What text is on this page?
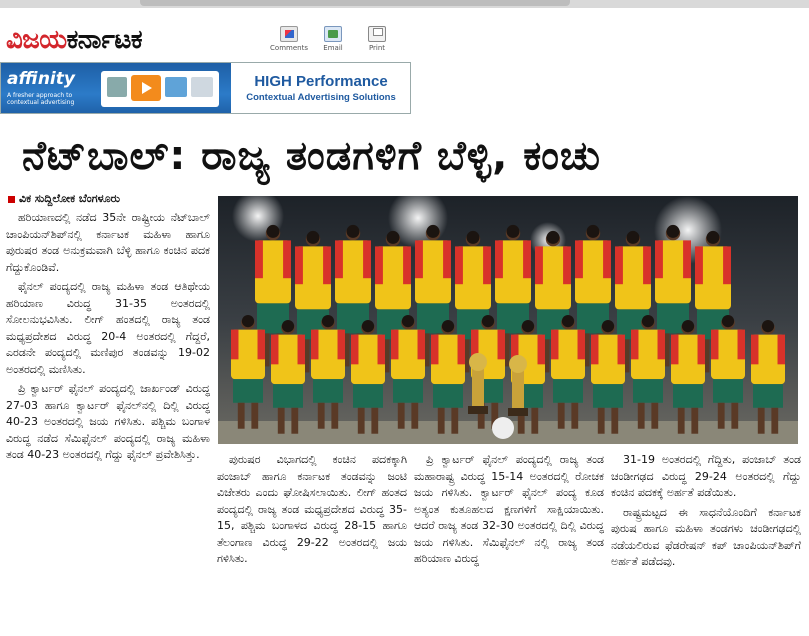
ವಿಜಯ ಕರ್ನಾಟಕ	Comments Email	Print
affinity
A fresher approach to contextual advertising
HIGH Performance
Contextual Advertising Solutions
ನೆಟ್‌ಬಾಲ್: ರಾಜ್ಯ ತಂಡಗಳಿಗೆ ಬೆಳ್ಳಿ, ಕಂಚು
ವಿಕ ಸುದ್ದಿಲೋಕ ಬೆಂಗಳೂರು

ಹರಿಯಾಣದಲ್ಲಿ ನಡೆದ 35ನೇ ರಾಷ್ಟ್ರೀಯ ನೆಟ್‌ಬಾಲ್ ಚಾಂಪಿಯನ್‌ಶಿಪ್‌ನಲ್ಲಿ ಕರ್ನಾಟಕ ಮಹಿಳಾ ಹಾಗೂ ಪುರುಷರ ತಂಡ ಅನುಕ್ರಮವಾಗಿ ಬೆಳ್ಳಿ ಹಾಗೂ ಕಂಚಿನ ಪದಕ ಗೆದ್ದುಕೊಂಡಿವೆ.

ಫೈನಲ್ ಪಂದ್ಯದಲ್ಲಿ ರಾಜ್ಯ ಮಹಿಳಾ ತಂಡ ಆತಿಥೇಯ ಹರಿಯಾಣ ವಿರುದ್ಧ 31-35 ಅಂತರದಲ್ಲಿ ಸೋಲನುಭವಿಸಿತು. ಲೀಗ್ ಹಂತದಲ್ಲಿ ರಾಜ್ಯ ತಂಡ ಮಧ್ಯಪ್ರದೇಶದ ವಿರುದ್ಧ 20-4 ಅಂತರದಲ್ಲಿ ಗೆದ್ದರೆ, ಎರಡನೇ ಪಂದ್ಯದಲ್ಲಿ ಮಣಿಪುರ ತಂಡವನ್ನು 19-02 ಅಂತರದಲ್ಲಿ ಮಣಿಸಿತು.

ಪ್ರಿ ಕ್ವಾರ್ಟರ್ ಫೈನಲ್ ಪಂದ್ಯದಲ್ಲಿ ಜಾರ್ಖಂಡ್ ವಿರುದ್ಧ 27-03 ಹಾಗೂ ಕ್ವಾರ್ಟರ್ ಫೈನಲ್‌ನಲ್ಲಿ ದಿಲ್ಲಿ ವಿರುದ್ಧ 40-23 ಅಂತರದಲ್ಲಿ ಜಯ ಗಳಿಸಿತು. ಪಶ್ಚಿಮ ಬಂಗಾಳ ವಿರುದ್ಧ ನಡೆದ ಸೆಮಿಫೈನಲ್ ಪಂದ್ಯದಲ್ಲಿ ರಾಜ್ಯ ಮಹಿಳಾ ತಂಡ 40-23 ಅಂತರದಲ್ಲಿ ಗೆದ್ದು ಫೈನಲ್ ಪ್ರವೇಶಿಸಿತ್ತು.	ಪುರುಷರ ವಿಭಾಗದಲ್ಲಿ ಕಂಚಿನ ಪದಕಕ್ಕಾಗಿ ಪಂಜಾಬ್ ಹಾಗೂ ಕರ್ನಾಟಕ ತಂಡವನ್ನು ಜಂಟಿ ವಿಜೇತರು ಎಂದು ಘೋಷಿಸಲಾಯಿತು. ಲೀಗ್ ಹಂತದ ಪಂದ್ಯದಲ್ಲಿ ರಾಜ್ಯ ತಂಡ ಮಧ್ಯಪ್ರದೇಶದ ವಿರುದ್ಧ 35-15, ಪಶ್ಚಿಮ ಬಂಗಾಳದ ವಿರುದ್ಧ 28-15 ಹಾಗೂ ತೆಲಂಗಾಣ ವಿರುದ್ಧ 29-22 ಅಂತರದಲ್ಲಿ ಜಯ ಗಳಿಸಿತು.

ಪ್ರಿ ಕ್ವಾರ್ಟರ್ ಫೈನಲ್ ಪಂದ್ಯದಲ್ಲಿ ರಾಜ್ಯ ತಂಡ ಮಹಾರಾಷ್ಟ್ರ ವಿರುದ್ಧ 15-14 ಅಂತರದಲ್ಲಿ ರೋಚಕ ಜಯ ಗಳಿಸಿತು. ಕ್ವಾರ್ಟರ್ ಫೈನಲ್ ಪಂದ್ಯ ಕೂಡ ಅತ್ಯಂತ ಕುತೂಹಲದ ಕ್ಷಣಗಳಿಗೆ ಸಾಕ್ಷಿಯಾಯಿತು. ಆದರೆ ರಾಜ್ಯ ತಂಡ 32-30 ಅಂತರದಲ್ಲಿ ದಿಲ್ಲಿ ವಿರುದ್ಧ ಜಯ ಗಳಿಸಿತು. ಸೆಮಿಫೈನಲ್ ನಲ್ಲಿ ರಾಜ್ಯ ತಂಡ ಹರಿಯಾಣ ವಿರುದ್ಧ

31-19 ಅಂತರದಲ್ಲಿ ಗೆದ್ದಿತು, ಪಂಜಾಬ್ ತಂಡ ಚಂಡೀಗಢದ ವಿರುದ್ಧ 29-24 ಅಂತರದಲ್ಲಿ ಗೆದ್ದು ಕಂಚಿನ ಪದಕಕ್ಕೆ ಅರ್ಹತೆ ಪಡೆಯಿತು.

ರಾಷ್ಟ್ರಮಟ್ಟದ ಈ ಸಾಧನೆಯೊಂದಿಗೆ ಕರ್ನಾಟಕ ಪುರುಷ ಹಾಗೂ ಮಹಿಳಾ ತಂಡಗಳು ಚಂಡೀಗಢದಲ್ಲಿ ನಡೆಯಲಿರುವ ಫೆಡರೇಷನ್ ಕಪ್ ಚಾಂಪಿಯನ್‌ಶಿಪ್‌ಗೆ ಅರ್ಹತೆ ಪಡೆದವು.
